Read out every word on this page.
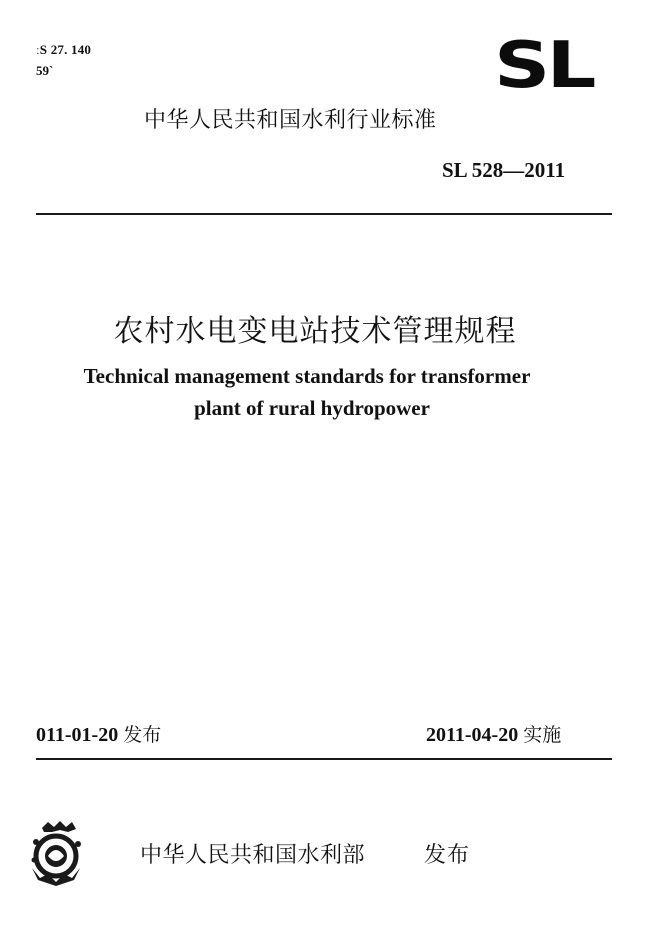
ːS 27. 140
59ˋ	SL
中华人民共和国水利行业标准
SL 528—2011
农村水电变电站技术管理规程
Technical management standards for transformer
plant of rural hydropower
011-01-20 发布	2011-04-20 实施
中华人民共和国水利部	发布
